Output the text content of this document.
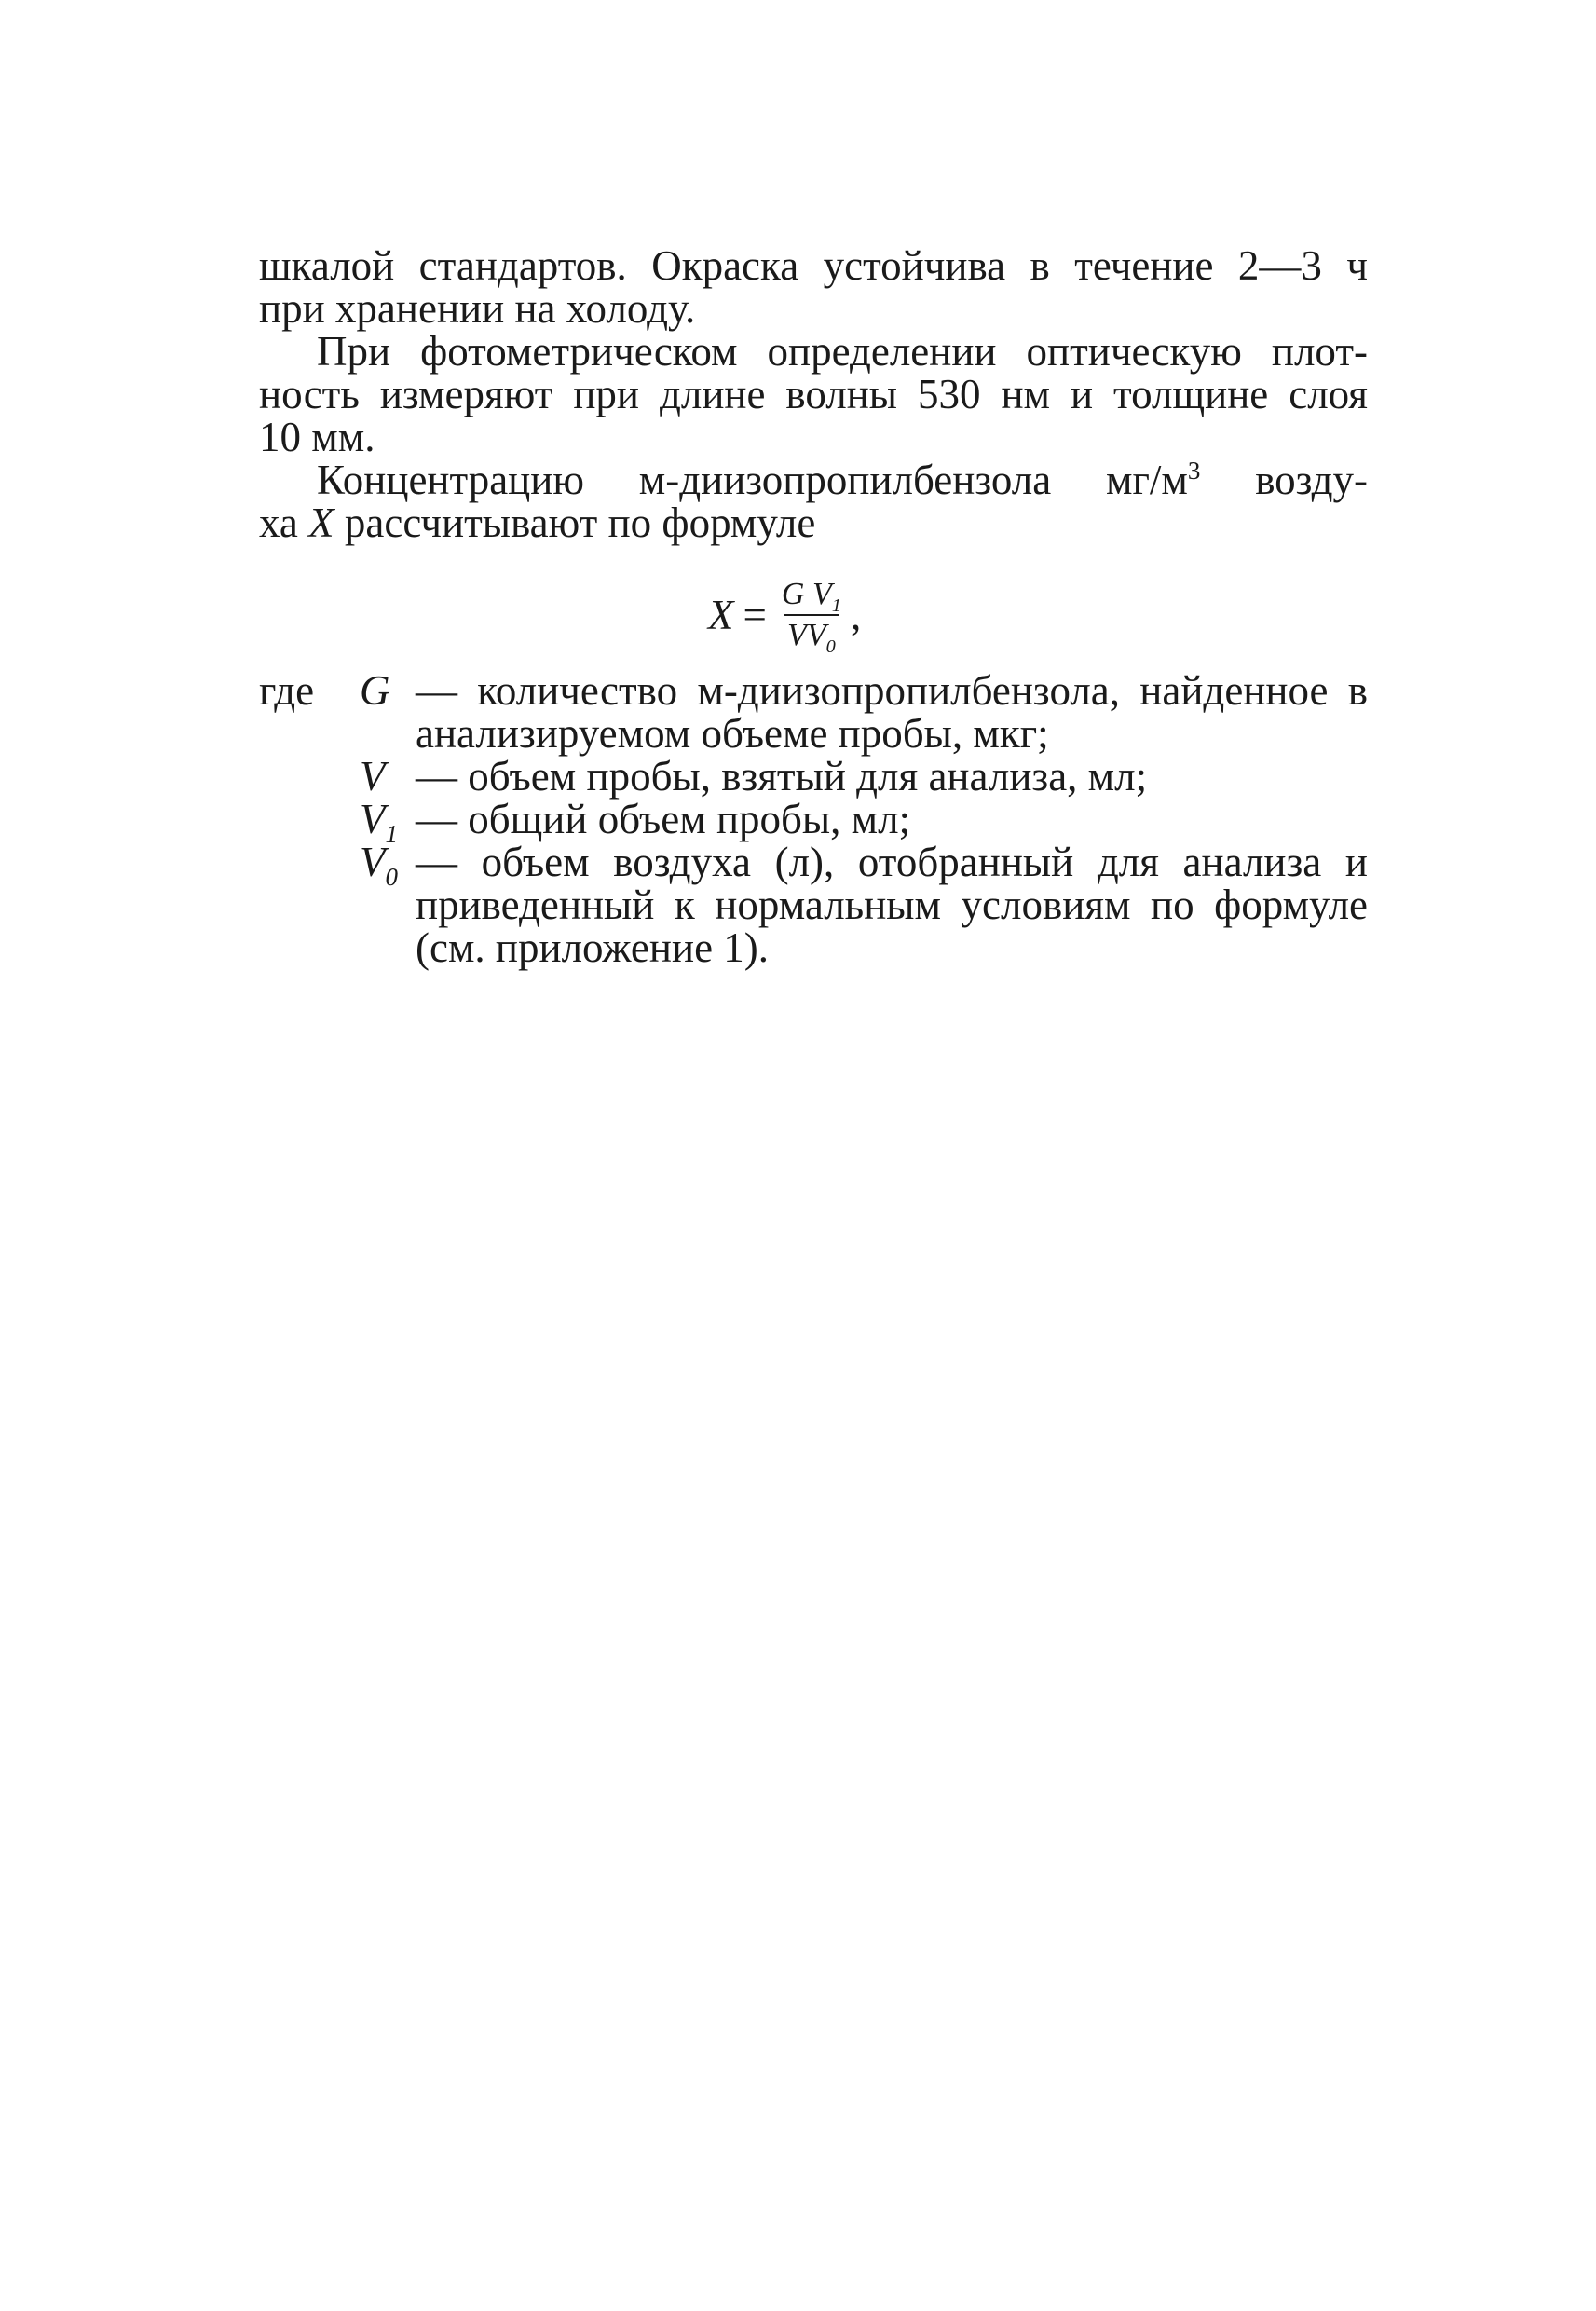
шкалой стандартов. Окраска устойчива в течение 2—3 ч
при хранении на холоду.

При фотометрическом определении оптическую плот-
ность измеряют при длине волны 530 нм и толщине слоя
10 мм.

Концентрацию м-диизопропилбензола $мг/м^3$ возду-
ха X рассчитывают по формуле

$X = \frac{G V_1}{VV_0}$ ,
где	G — количество м-диизопропилбензола, найденное в анализируемом объеме пробы, мкг;
V — объем пробы, взятый для анализа, мл;
$V_1$ — общий объем пробы, мл;
$V_0$ — объем воздуха (л), отобранный для анализа и приведенный к нормальным условиям по формуле (см. приложение 1).
